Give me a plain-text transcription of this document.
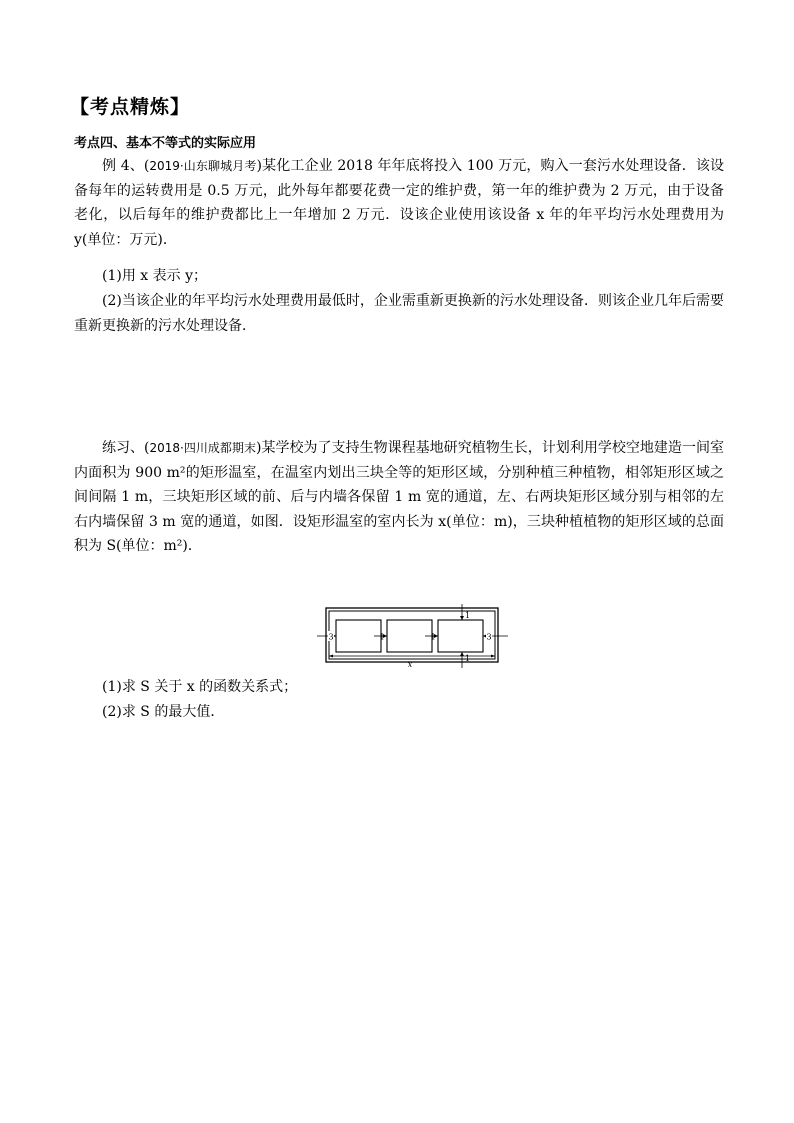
【考点精炼】
考点四、基本不等式的实际应用
例 4、(2019·山东聊城月考)某化工企业 2018 年年底将投入 100 万元，购入一套污水处理设备．该设备每年的运转费用是 0.5 万元，此外每年都要花费一定的维护费，第一年的维护费为 2 万元，由于设备老化，以后每年的维护费都比上一年增加 2 万元．设该企业使用该设备 x 年的年平均污水处理费用为 y(单位：万元)．
(1)用 x 表示 y；
(2)当该企业的年平均污水处理费用最低时，企业需重新更换新的污水处理设备．则该企业几年后需要重新更换新的污水处理设备．
练习、(2018·四川成都期末)某学校为了支持生物课程基地研究植物生长，计划利用学校空地建造一间室内面积为 900 m²的矩形温室，在温室内划出三块全等的矩形区域，分别种植三种植物，相邻矩形区域之间间隔 1 m，三块矩形区域的前、后与内墙各保留 1 m 宽的通道，左、右两块矩形区域分别与相邻的左右内墙保留 3 m 宽的通道，如图．设矩形温室的室内长为 x(单位：m)，三块种植植物的矩形区域的总面积为 S(单位：m²)．
3	1	1	3
1
1
x
(1)求 S 关于 x 的函数关系式；
(2)求 S 的最大值．
